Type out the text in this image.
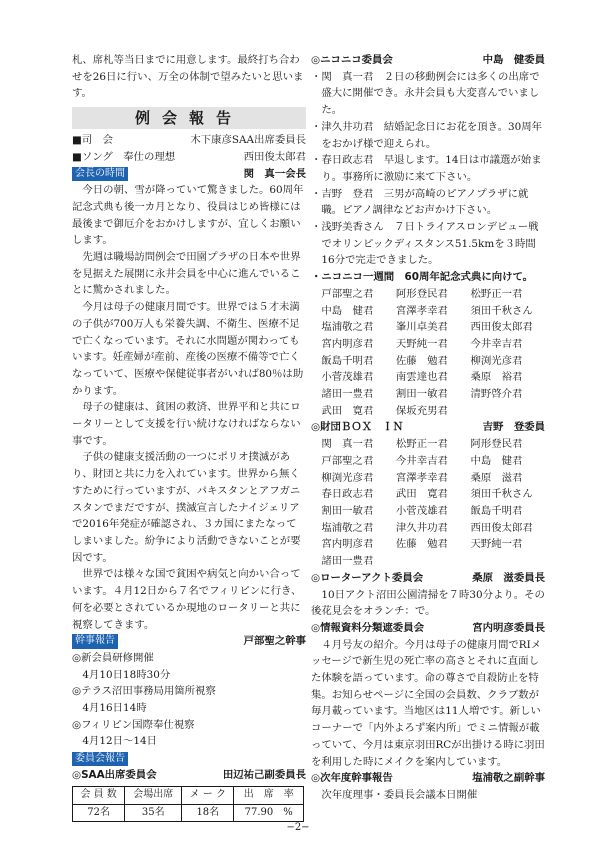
札、席札等当日までに用意します。最終打ち合わせを26日に行い、万全の体制で望みたいと思います。
例会報告
■司　会	木下康彦SAA出席委員長
■ソング　奉仕の理想	西田俊太郎君
会長の時間	関　真一会長
今日の朝、雪が降っていて驚きました。60周年記念式典も後一カ月となり、役員はじめ皆様には最後まで御厄介をおかけしますが、宜しくお願いします。
先週は職場訪問例会で田園プラザの日本や世界を見据えた展開に永井会員を中心に進んでいることに驚かされました。
今月は母子の健康月間です。世界では５才未満の子供が700万人も栄養失調、不衛生、医療不足で亡くなっています。それに水問題が関わってもいます。妊産婦が産前、産後の医療不備等で亡くなっていて、医療や保健従事者がいれば80％は助かります。
母子の健康は、貧困の救済、世界平和と共にロータリーとして支援を行い続けなければならない事です。
子供の健康支援活動の一つにポリオ撲滅があり、財団と共に力を入れています。世界から無くすために行っていますが、パキスタンとアフガニスタンでまだですが、撲滅宣言したナイジェリアで2016年発症が確認され、３カ国にまたなってしまいました。紛争により活動できないことが要因です。
世界では様々な国で貧困や病気と向かい合っています。４月12日から７名でフィリピンに行き、何を必要とされているか現地のロータリーと共に視察してきます。
幹事報告	戸部聖之幹事
◎新会員研修開催
4月10日18時30分
◎テラス沼田事務局用箇所視察
4月16日14時
◎フィリピン国際奉仕視察
4月12日～14日
委員会報告
◎SAA出席委員会	田辺祐己副委員長
会 員 数	会場出席	メ ー ク	出　席　率
72名	35名	18名	77.90　%
◎ニコニコ委員会	中島　健委員
・関　真一君　２日の移動例会には多くの出席で盛大に開催でき。永井会員も大変喜んでいました。
・津久井功君　結婚記念日にお花を頂き。30周年をおかげ様で迎えられ。
・春日政志君　早退します。14日は市議選が始まり。事務所に激励に来て下さい。
・吉野　登君　三男が高崎のピアノプラザに就職。ピアノ調律などお声かけ下さい。
・浅野美香さん　７日トライアスロンデビュー戦でオリンピックディスタンス51.5kmを３時間16分で完走できました。
・ニコニコ一週間　60周年記念式典に向けて。
戸部聖之君	阿形登民君	松野正一君
中島　健君	宮澤孝幸君	須田千秋さん
塩浦敬之君	峯川卓美君	西田俊太郎君
宮内明彦君	天野純一君	今井幸吉君
飯島千明君	佐藤　勉君	柳渕光彦君
小菅茂雄君	南雲達也君	桑原　裕君
諸田一豊君	割田一敏君	清野啓介君
武田　寛君	保坂充男君
◎財団ＢＯＸ　ＩＮ	吉野　登委員
関　真一君	松野正一君	阿形登民君
戸部聖之君	今井幸吉君	中島　健君
柳渕光彦君	宮澤孝幸君	桑原　滋君
春日政志君	武田　寛君	須田千秋さん
割田一敏君	小菅茂雄君	飯島千明君
塩浦敬之君	津久井功君	西田俊太郎君
宮内明彦君	佐藤　勉君	天野純一君
諸田一豊君
◎ローターアクト委員会	桑原　滋委員長
10日アクト沼田公園清掃を７時30分より。その後花見会をオランチ：で。
◎情報資料分類遮委員会	宮内明彦委員長
４月号友の紹介。今月は母子の健康月間でRIメッセージで新生児の死亡率の高さとそれに直面した体験を語っています。命の尊さで自殺防止を特集。お知らせページに全国の会員数、クラブ数が毎月載っています。当地区は11人増です。新しいコーナーで「内外よろず案内所」でミニ情報が載っていて、今月は東京羽田RCが出掛ける時に羽田を利用した時にメイクを案内しています。
◎次年度幹事報告	塩浦敬之副幹事
次年度理事・委員長会議本日開催
−2−
